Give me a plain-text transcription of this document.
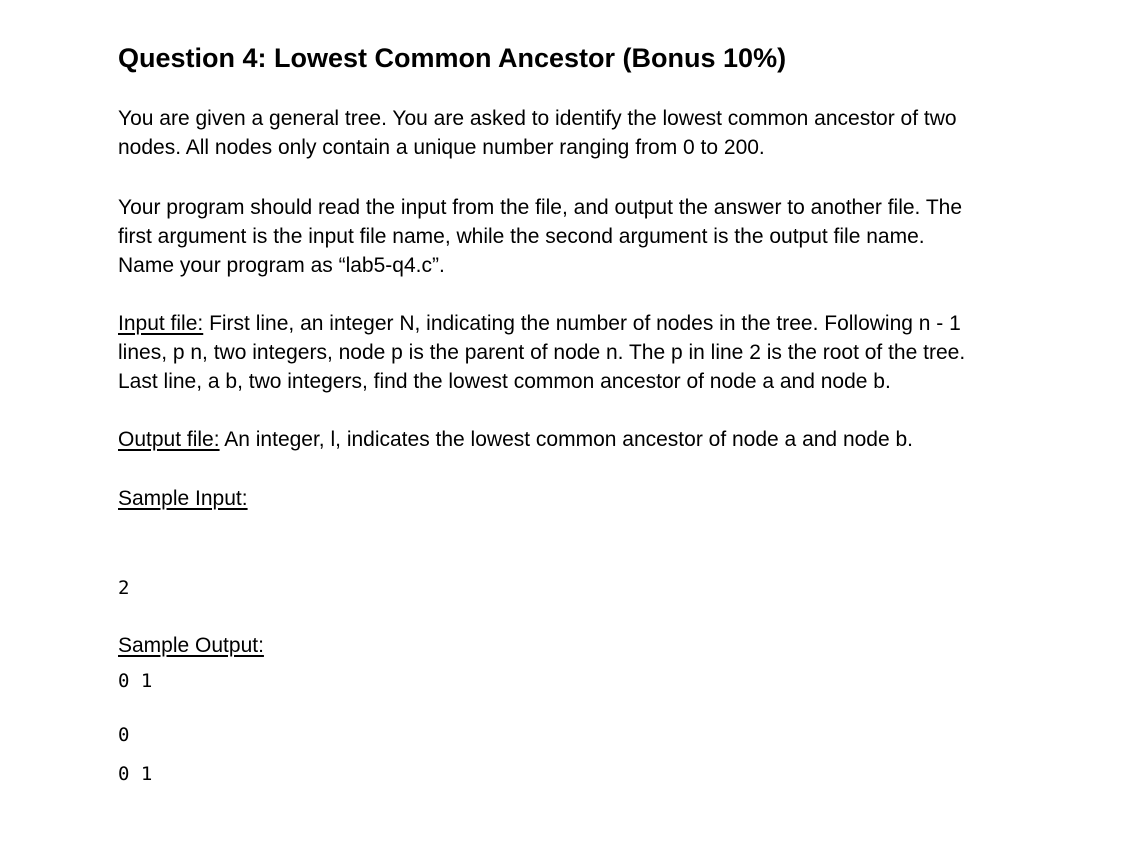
Question 4: Lowest Common Ancestor (Bonus 10%)

You are given a general tree. You are asked to identify the lowest common ancestor of two
nodes. All nodes only contain a unique number ranging from 0 to 200.

Your program should read the input from the file, and output the answer to another file. The
first argument is the input file name, while the second argument is the output file name.
Name your program as “lab5-q4.c”.

Input file: First line, an integer N, indicating the number of nodes in the tree. Following n - 1
lines, p n, two integers, node p is the parent of node n. The p in line 2 is the root of the tree.
Last line, a b, two integers, find the lowest common ancestor of node a and node b.

Output file: An integer, l, indicates the lowest common ancestor of node a and node b.

Sample Input:

2

0 1

0 1

Sample Output:

0
